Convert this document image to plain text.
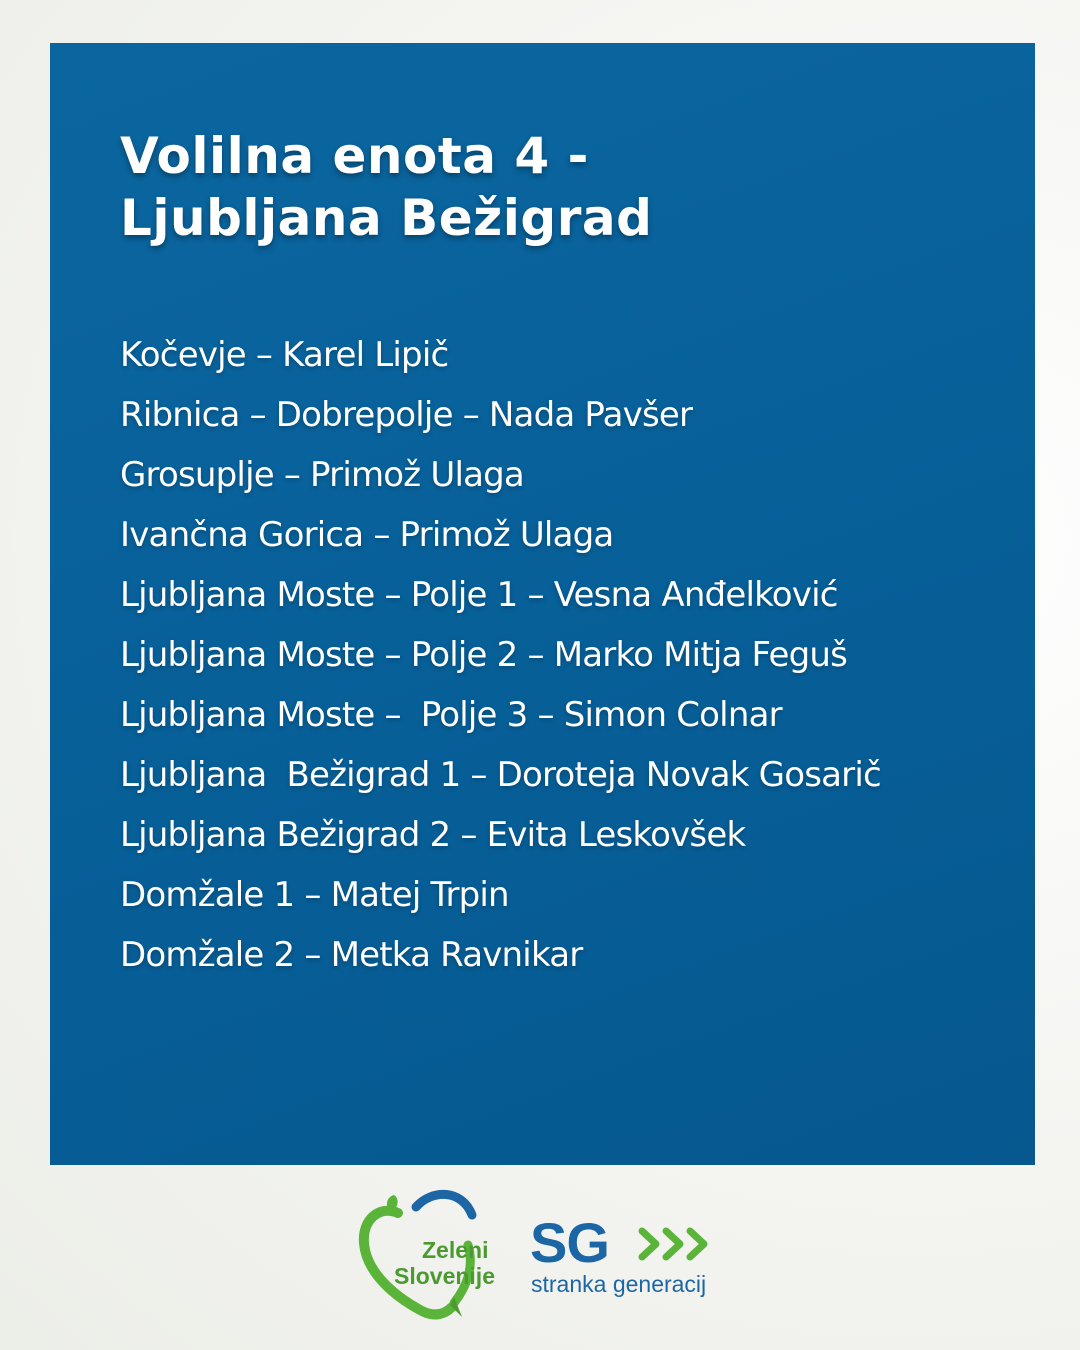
Volilna enota 4 -
Ljubljana Bežigrad
Kočevje – Karel Lipič
Ribnica – Dobrepolje – Nada Pavšer
Grosuplje – Primož Ulaga
Ivančna Gorica – Primož Ulaga
Ljubljana Moste – Polje 1 – Vesna Anđelković
Ljubljana Moste – Polje 2 – Marko Mitja Feguš
Ljubljana Moste –  Polje 3 – Simon Colnar
Ljubljana  Bežigrad 1 – Doroteja Novak Gosarič
Ljubljana Bežigrad 2 – Evita Leskovšek
Domžale 1 – Matej Trpin
Domžale 2 – Metka Ravnikar
Zeleni
Slovenije
SG
stranka generacij
